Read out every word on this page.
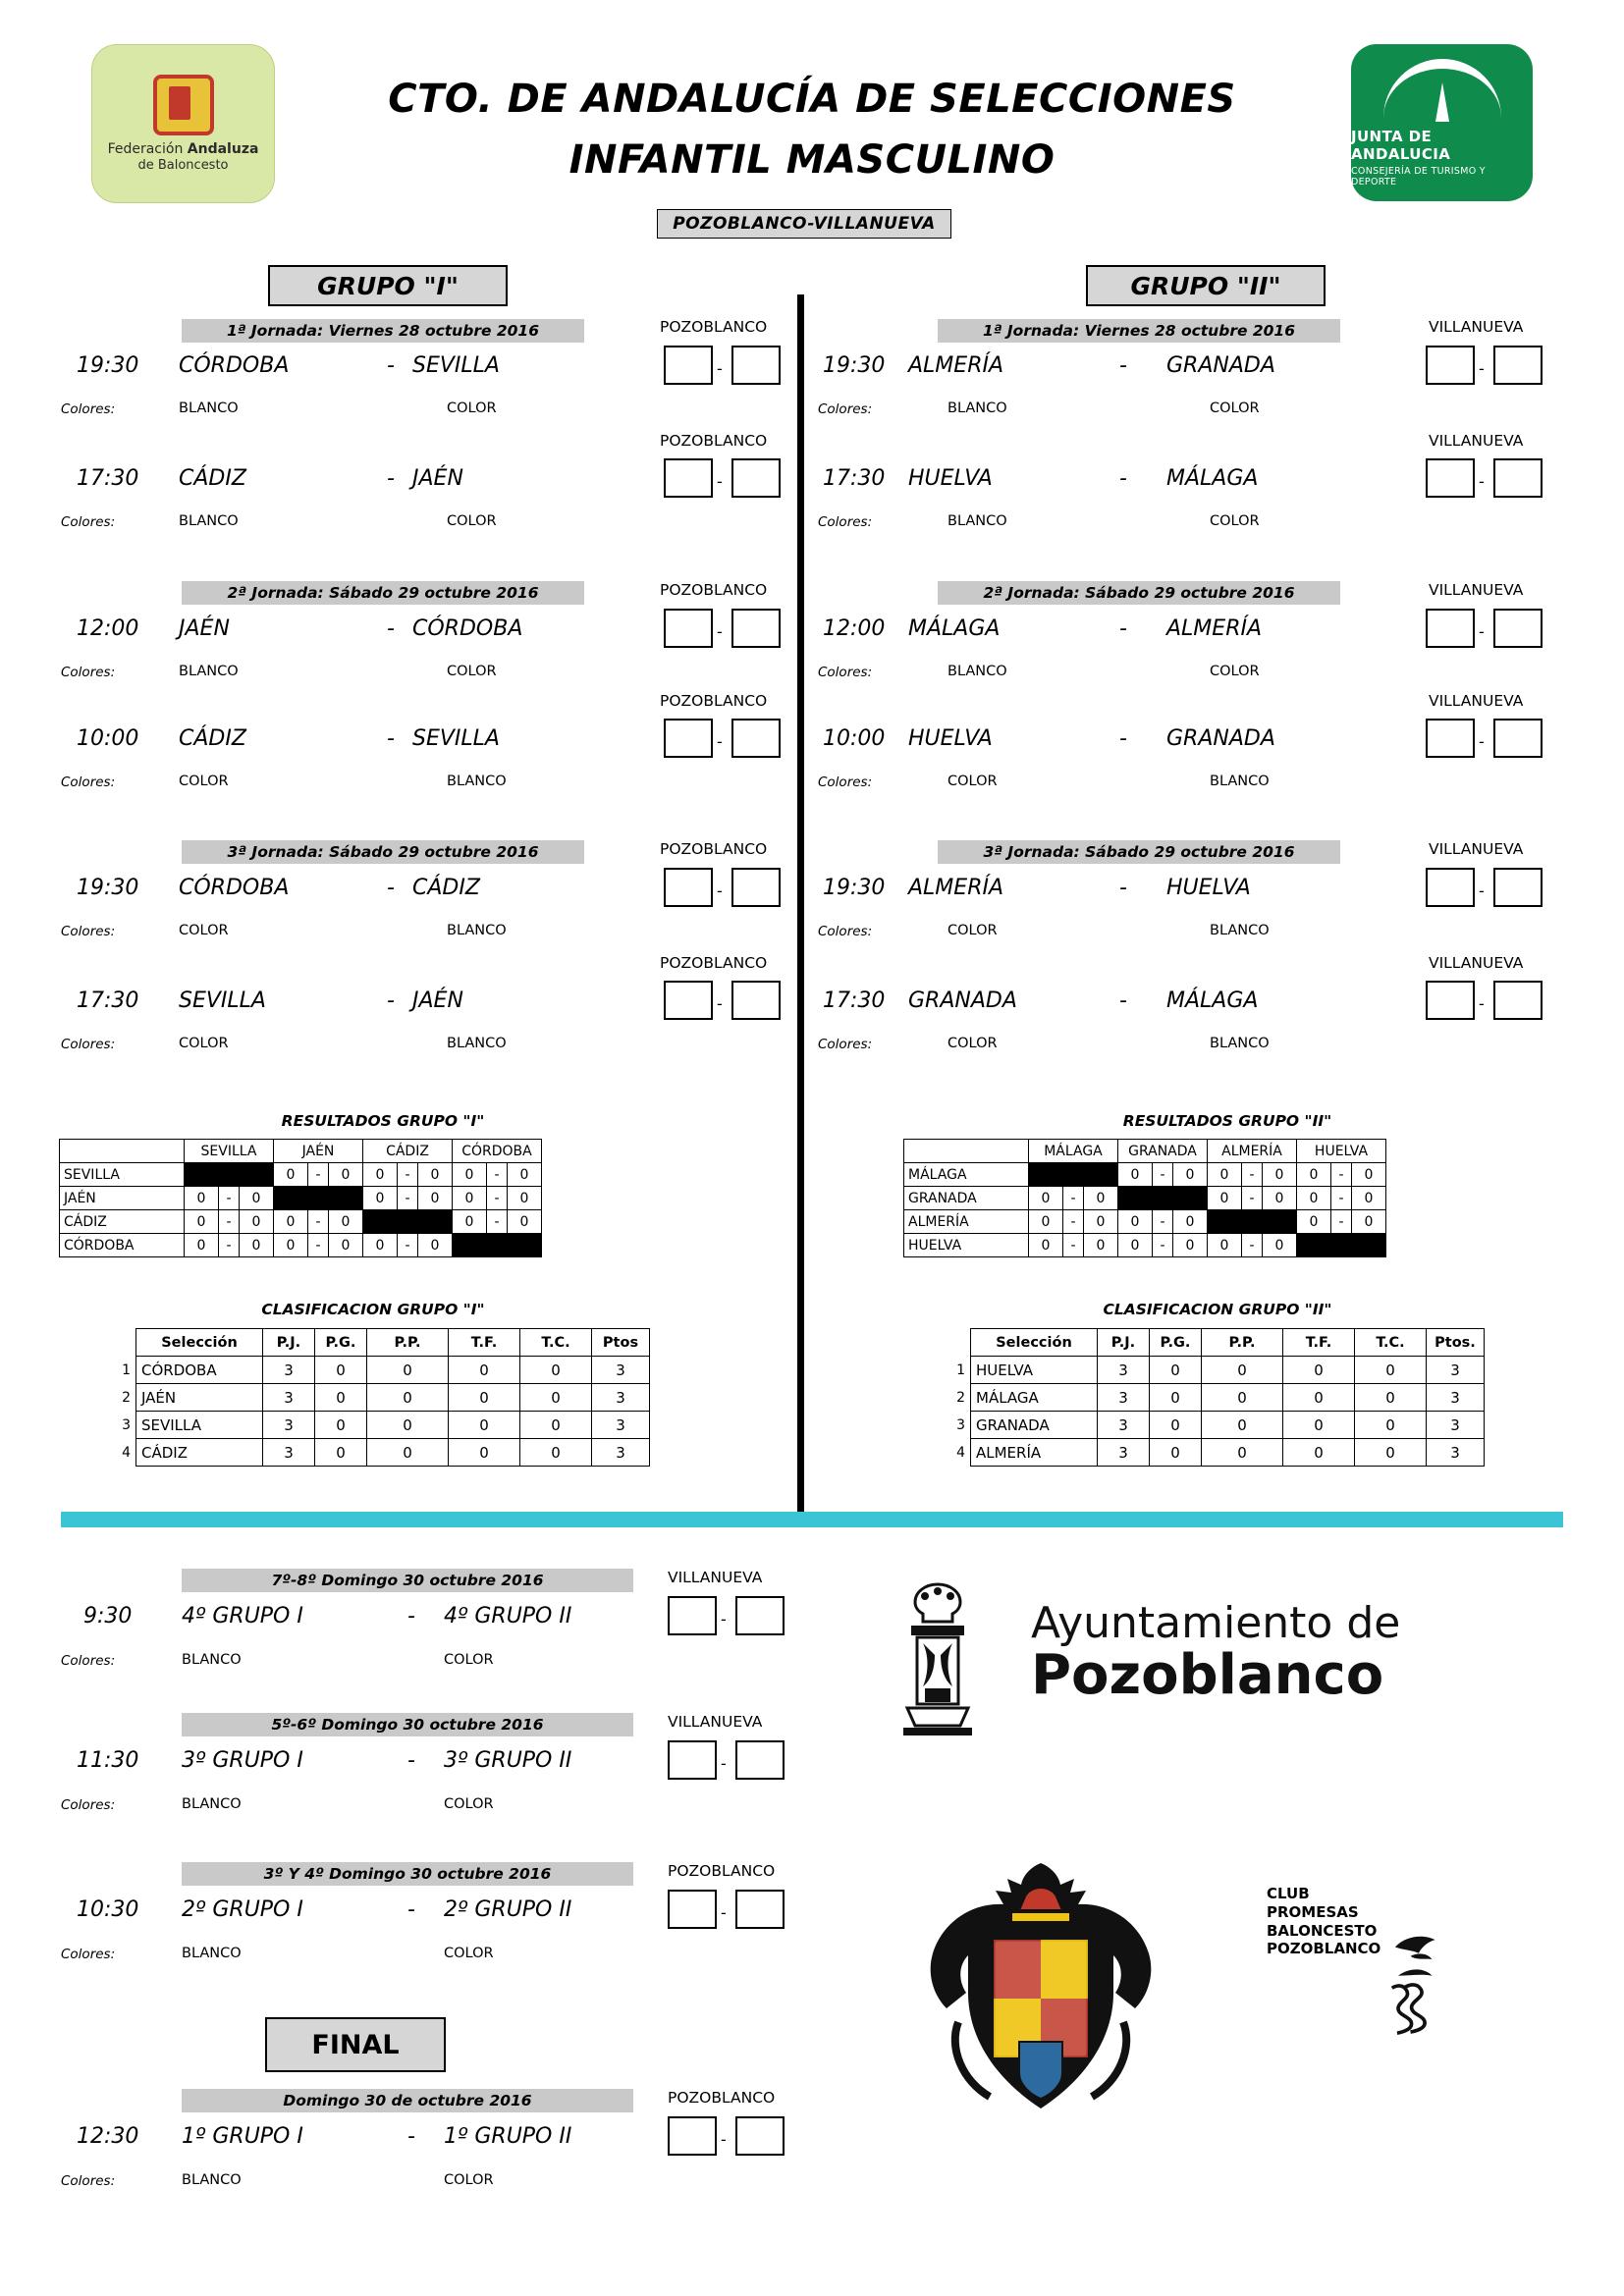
Federación Andaluza
de Baloncesto
JUNTA DE ANDALUCIA
CONSEJERÍA DE TURISMO Y DEPORTE
CTO. DE ANDALUCÍA DE SELECCIONES
INFANTIL MASCULINO
POZOBLANCO-VILLANUEVA
GRUPO "I"	GRUPO "II"
1ª Jornada: Viernes 28 octubre 2016	POZOBLANCO
19:30 CÓRDOBA	- SEVILLA
Colores:	BLANCO	COLOR
-
POZOBLANCO
17:30 CÁDIZ	- JAÉN
Colores:	BLANCO	COLOR
-
2ª Jornada: Sábado 29 octubre 2016	POZOBLANCO
12:00 JAÉN	- CÓRDOBA
Colores:	BLANCO	COLOR
-
POZOBLANCO
10:00 CÁDIZ	- SEVILLA
Colores:	COLOR	BLANCO
-
3ª Jornada: Sábado 29 octubre 2016	POZOBLANCO
19:30 CÓRDOBA	- CÁDIZ
Colores:	COLOR	BLANCO
-
POZOBLANCO
17:30 SEVILLA	- JAÉN
Colores:	COLOR	BLANCO
-
1ª Jornada: Viernes 28 octubre 2016	VILLANUEVA
19:30 ALMERÍA	- GRANADA
Colores:	BLANCO	COLOR
-
VILLANUEVA
17:30 HUELVA	- MÁLAGA
Colores:	BLANCO	COLOR
-
2ª Jornada: Sábado 29 octubre 2016	VILLANUEVA
12:00 MÁLAGA	- ALMERÍA
Colores:	BLANCO	COLOR
-
VILLANUEVA
10:00 HUELVA	- GRANADA
Colores:	COLOR	BLANCO
-
3ª Jornada: Sábado 29 octubre 2016	VILLANUEVA
19:30 ALMERÍA	- HUELVA
Colores:	COLOR	BLANCO
-
VILLANUEVA
17:30 GRANADA	- MÁLAGA
Colores:	COLOR	BLANCO
-
RESULTADOS GRUPO "I"
	SEVILLA			JAÉN			CÁDIZ			CÓRDOBA		
SEVILLA				0	-	0	0	-	0	0	-	0
JAÉN	0	-	0				0	-	0	0	-	0
CÁDIZ	0	-	0	0	-	0				0	-	0
CÓRDOBA	0	-	0	0	-	0	0	-	0			
RESULTADOS GRUPO "II"
	MÁLAGA			GRANADA			ALMERÍA			HUELVA		
MÁLAGA				0	-	0	0	-	0	0	-	0
GRANADA	0	-	0				0	-	0	0	-	0
ALMERÍA	0	-	0	0	-	0				0	-	0
HUELVA	0	-	0	0	-	0	0	-	0			
CLASIFICACION GRUPO "I"
	Selección	P.J.	P.G.	P.P.	T.F.	T.C.	Ptos
1	CÓRDOBA	3	0	0	0	0	3
2	JAÉN	3	0	0	0	0	3
3	SEVILLA	3	0	0	0	0	3
4	CÁDIZ	3	0	0	0	0	3
CLASIFICACION GRUPO "II"
	Selección	P.J.	P.G.	P.P.	T.F.	T.C.	Ptos.
1	HUELVA	3	0	0	0	0	3
2	MÁLAGA	3	0	0	0	0	3
3	GRANADA	3	0	0	0	0	3
4	ALMERÍA	3	0	0	0	0	3
7º-8º Domingo 30 octubre 2016	VILLANUEVA
9:30 4º GRUPO I	- 4º GRUPO II
Colores:	BLANCO	COLOR
-
5º-6º Domingo 30 octubre 2016	VILLANUEVA
11:30 3º GRUPO I	- 3º GRUPO II
Colores:	BLANCO	COLOR
-
3º Y 4º Domingo 30 octubre 2016	POZOBLANCO
10:30 2º GRUPO I	- 2º GRUPO II
Colores:	BLANCO	COLOR
-
FINAL
Domingo 30 de octubre 2016	POZOBLANCO
12:30 1º GRUPO I	- 1º GRUPO II
Colores:	BLANCO	COLOR
-
Ayuntamiento de
Pozoblanco
CLUB
PROMESAS
BALONCESTO
POZOBLANCO
